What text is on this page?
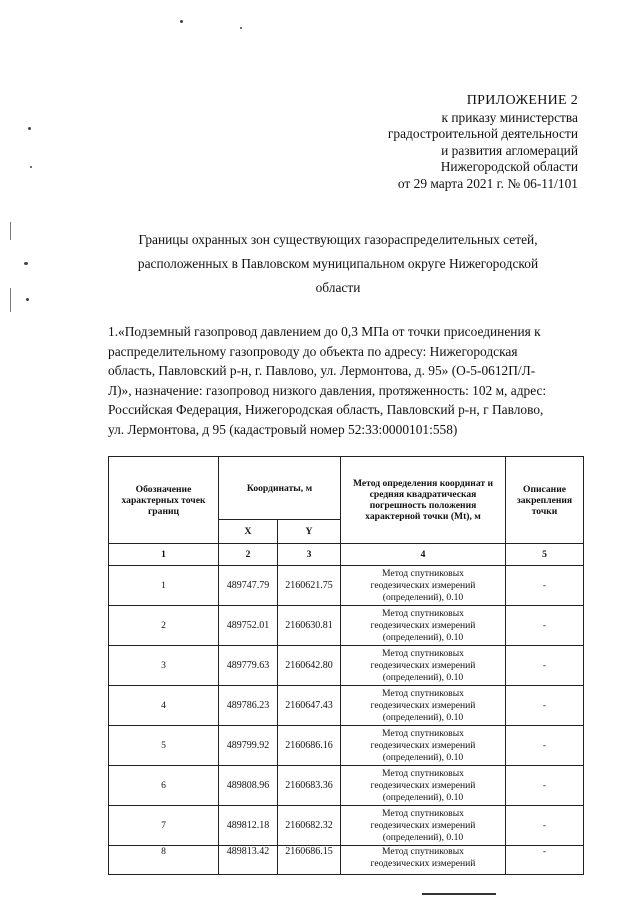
ПРИЛОЖЕНИЕ 2
к приказу министерства
градостроительной деятельности
и развития агломераций
Нижегородской области
от 29 марта 2021 г. № 06-11/101
Границы охранных зон существующих газораспределительных сетей,
расположенных в Павловском муниципальном округе Нижегородской
области
1.«Подземный газопровод давлением до 0,3 МПа от точки присоединения к
распределительному газопроводу до объекта по адресу: Нижегородская
область, Павловский р-н, г. Павлово, ул. Лермонтова, д. 95» (О-5-0612П/Л-
Л)», назначение: газопровод низкого давления, протяженность: 102 м, адрес:
Российская Федерация, Нижегородская область, Павловский р-н, г Павлово,
ул. Лермонтова, д 95 (кадастровый номер 52:33:0000101:558)
Обозначение характерных точек границ	Координаты, м		Метод определения координат и средняя квадратическая погрешность положения характерной точки (Mt), м	Описание закрепления точки
	X	Y		
1	2	3	4	5
1	489747.79	2160621.75	Метод спутниковых
геодезических измерений
(определений), 0.10	-
2	489752.01	2160630.81	Метод спутниковых
геодезических измерений
(определений), 0.10	-
3	489779.63	2160642.80	Метод спутниковых
геодезических измерений
(определений), 0.10	-
4	489786.23	2160647.43	Метод спутниковых
геодезических измерений
(определений), 0.10	-
5	489799.92	2160686.16	Метод спутниковых
геодезических измерений
(определений), 0.10	-
6	489808.96	2160683.36	Метод спутниковых
геодезических измерений
(определений), 0.10	-
7	489812.18	2160682.32	Метод спутниковых
геодезических измерений
(определений), 0.10	-
8	489813.42	2160686.15	Метод спутниковых
геодезических измерений	-
